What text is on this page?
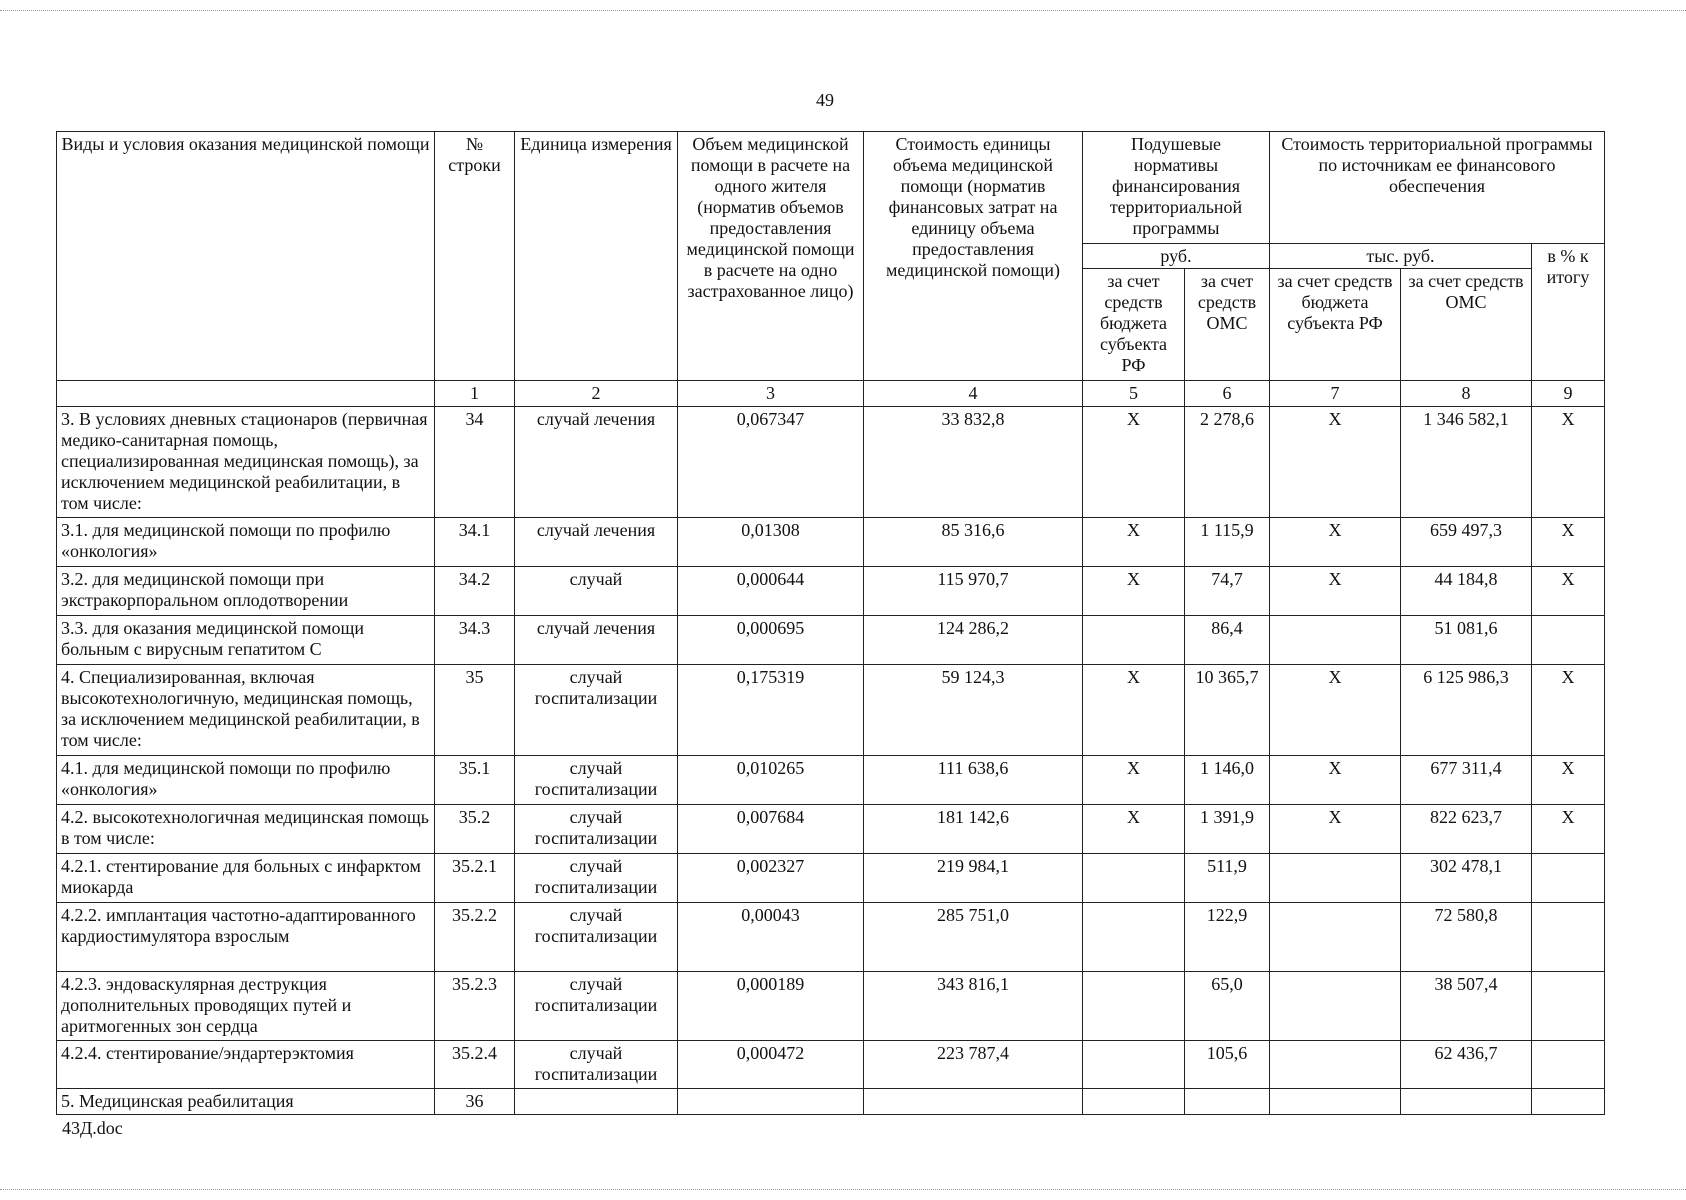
49
Виды и условия оказания медицинской помощи	№ строки	Единица измерения	Объем медицинской помощи в расчете на одного жителя (норматив объемов предоставления медицинской помощи в расчете на одно застрахованное лицо)	Стоимость единицы объема медицинской помощи (норматив финансовых затрат на единицу объема предоставления медицинской помощи)	Подушевые нормативы финансирования территориальной программы		Стоимость территориальной программы по источникам ее финансового обеспечения		
					руб.		тыс. руб.		в % к итогу
					за счет средств бюджета субъекта РФ	за счет средств ОМС	за счет средств бюджета субъекта РФ	за счет средств ОМС	
	1	2	3	4	5	6	7	8	9
3. В условиях дневных стационаров (первичная медико-санитарная помощь, специализированная медицинская помощь), за исключением медицинской реабилитации, в том числе:	34	случай лечения	0,067347	33 832,8	X	2 278,6	X	1 346 582,1	X
3.1. для медицинской помощи по профилю «онкология»	34.1	случай лечения	0,01308	85 316,6	X	1 115,9	X	659 497,3	X
3.2. для медицинской помощи при экстракорпоральном оплодотворении	34.2	случай	0,000644	115 970,7	X	74,7	X	44 184,8	X
3.3. для оказания медицинской помощи больным с вирусным гепатитом С	34.3	случай лечения	0,000695	124 286,2		86,4		51 081,6	
4. Специализированная, включая высокотехнологичную, медицинская помощь, за исключением медицинской реабилитации, в том числе:	35	случай госпитализации	0,175319	59 124,3	X	10 365,7	X	6 125 986,3	X
4.1. для медицинской помощи по профилю «онкология»	35.1	случай госпитализации	0,010265	111 638,6	X	1 146,0	X	677 311,4	X
4.2. высокотехнологичная медицинская помощь в том числе:	35.2	случай госпитализации	0,007684	181 142,6	X	1 391,9	X	822 623,7	X
4.2.1. стентирование для больных с инфарктом миокарда	35.2.1	случай госпитализации	0,002327	219 984,1		511,9		302 478,1	
4.2.2. имплантация частотно-адаптированного кардиостимулятора взрослым	35.2.2	случай госпитализации	0,00043	285 751,0		122,9		72 580,8	
4.2.3. эндоваскулярная деструкция дополнительных проводящих путей и аритмогенных зон сердца	35.2.3	случай госпитализации	0,000189	343 816,1		65,0		38 507,4	
4.2.4. стентирование/эндартерэктомия	35.2.4	случай госпитализации	0,000472	223 787,4		105,6		62 436,7	
5. Медицинская реабилитация	36								
43Д.doc
